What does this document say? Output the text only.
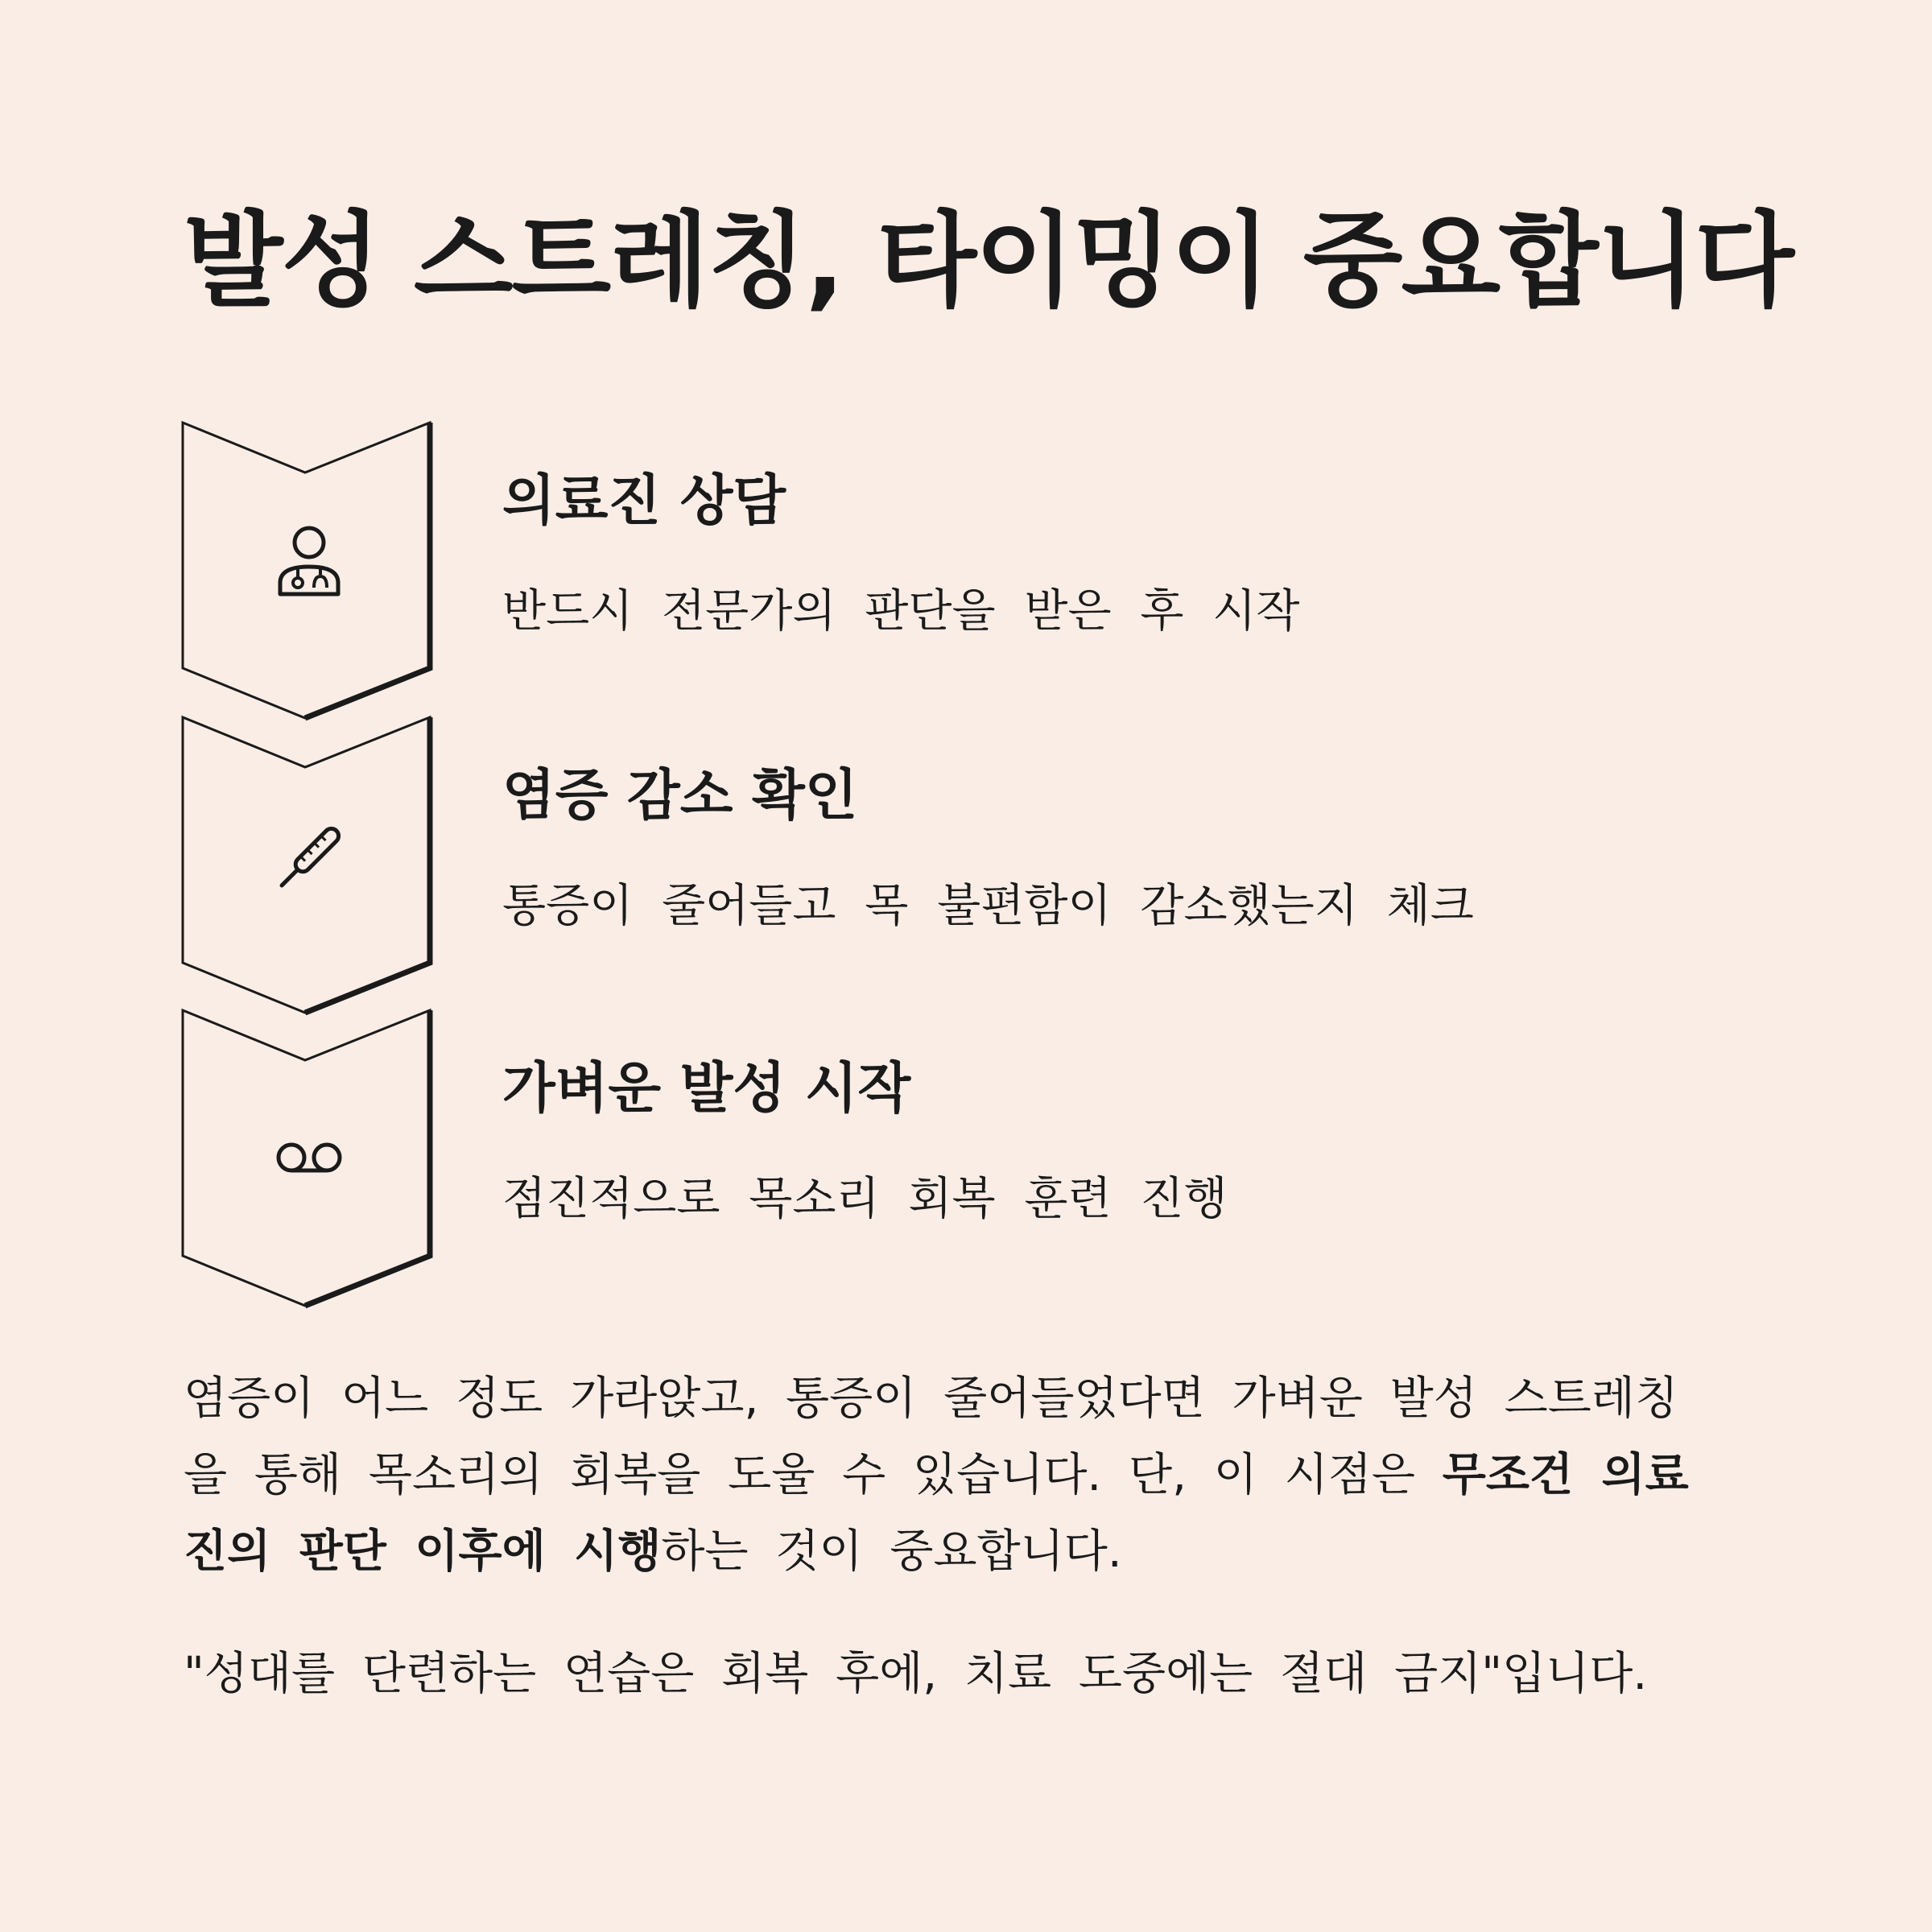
발성 스트레칭, 타이밍이 중요합니다
의료진 상담

반드시 전문가의 판단을 받은 후 시작

염증 감소 확인

통증이 줄어들고 목 불편함이 감소했는지 체크

가벼운 발성 시작

점진적으로 목소리 회복 훈련 진행

염증이 어느 정도 가라앉고, 통증이 줄어들었다면 가벼운 발성 스트레칭을 통해 목소리의 회복을 도울 수 있습니다. 단, 이 시점은 무조건 의료진의 판단 이후에 시행하는 것이 중요합니다.

"성대를 단련하는 연습은 회복 후에, 치료 도중에는 절대 금지"입니다.
